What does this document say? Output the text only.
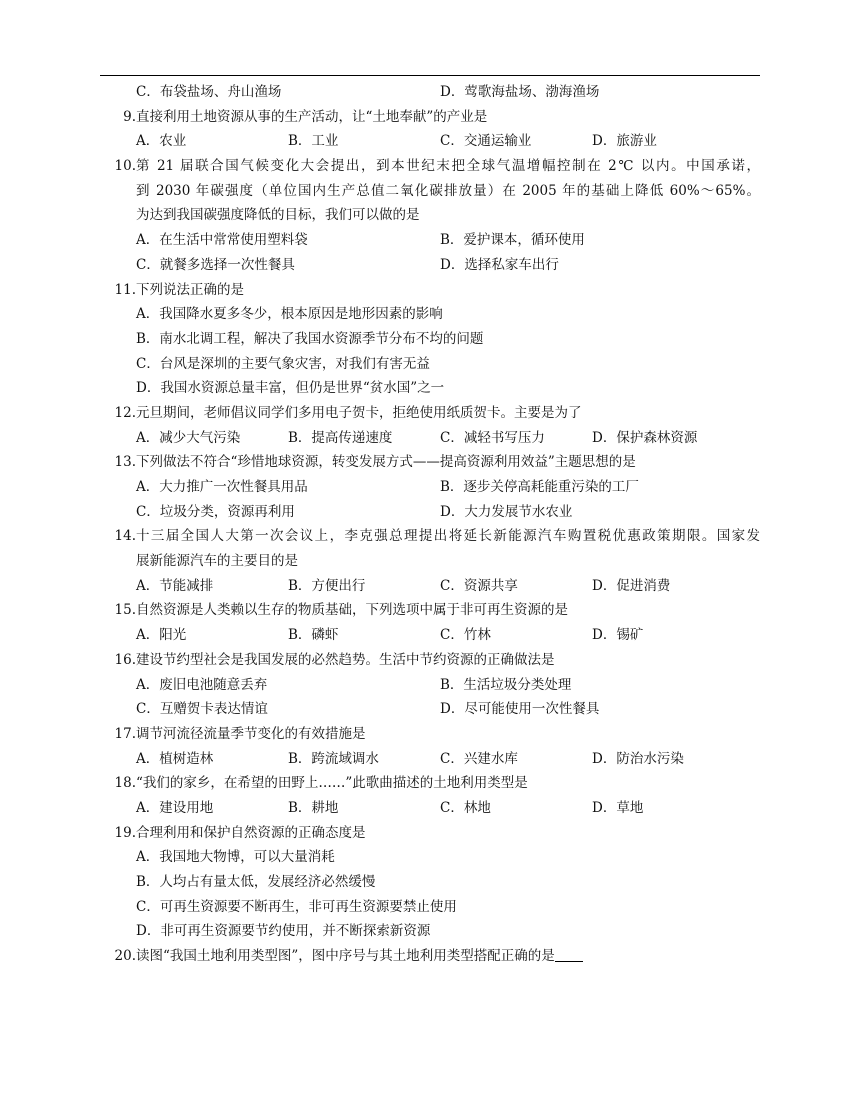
C．布袋盐场、舟山渔场	D．莺歌海盐场、渤海渔场
9. 直接利用土地资源从事的生产活动，让“土地奉献”的产业是
A．农业	B．工业	C．交通运输业	D．旅游业
10. 第 21 届联合国气候变化大会提出，到本世纪末把全球气温增幅控制在 2℃ 以内。中国承诺，
到 2030 年碳强度（单位国内生产总值二氧化碳排放量）在 2005 年的基础上降低 60%～65%。
为达到我国碳强度降低的目标，我们可以做的是
A．在生活中常常使用塑料袋	B．爱护课本，循环使用
C．就餐多选择一次性餐具	D．选择私家车出行
11. 下列说法正确的是
A．我国降水夏多冬少，根本原因是地形因素的影响
B．南水北调工程，解决了我国水资源季节分布不均的问题
C．台风是深圳的主要气象灾害，对我们有害无益
D．我国水资源总量丰富，但仍是世界“贫水国”之一
12. 元旦期间，老师倡议同学们多用电子贺卡，拒绝使用纸质贺卡。主要是为了
A．减少大气污染	B．提高传递速度	C．减轻书写压力	D．保护森林资源
13. 下列做法不符合“珍惜地球资源，转变发展方式——提高资源利用效益”主题思想的是
A．大力推广一次性餐具用品	B．逐步关停高耗能重污染的工厂
C．垃圾分类，资源再利用	D．大力发展节水农业
14. 十三届全国人大第一次会议上，李克强总理提出将延长新能源汽车购置税优惠政策期限。国家发
展新能源汽车的主要目的是
A．节能减排	B．方便出行	C．资源共享	D．促进消费
15. 自然资源是人类赖以生存的物质基础，下列选项中属于非可再生资源的是
A．阳光	B．磷虾	C．竹林	D．锡矿
16. 建设节约型社会是我国发展的必然趋势。生活中节约资源的正确做法是
A．废旧电池随意丢弃	B．生活垃圾分类处理
C．互赠贺卡表达情谊	D．尽可能使用一次性餐具
17. 调节河流径流量季节变化的有效措施是
A．植树造林	B．跨流域调水	C．兴建水库	D．防治水污染
18. “我们的家乡，在希望的田野上……”此歌曲描述的土地利用类型是
A．建设用地	B．耕地	C．林地	D．草地
19. 合理利用和保护自然资源的正确态度是
A．我国地大物博，可以大量消耗
B．人均占有量太低，发展经济必然缓慢
C．可再生资源要不断再生，非可再生资源要禁止使用
D．非可再生资源要节约使用，并不断探索新资源
20. 读图“我国土地利用类型图”，图中序号与其土地利用类型搭配正确的是
